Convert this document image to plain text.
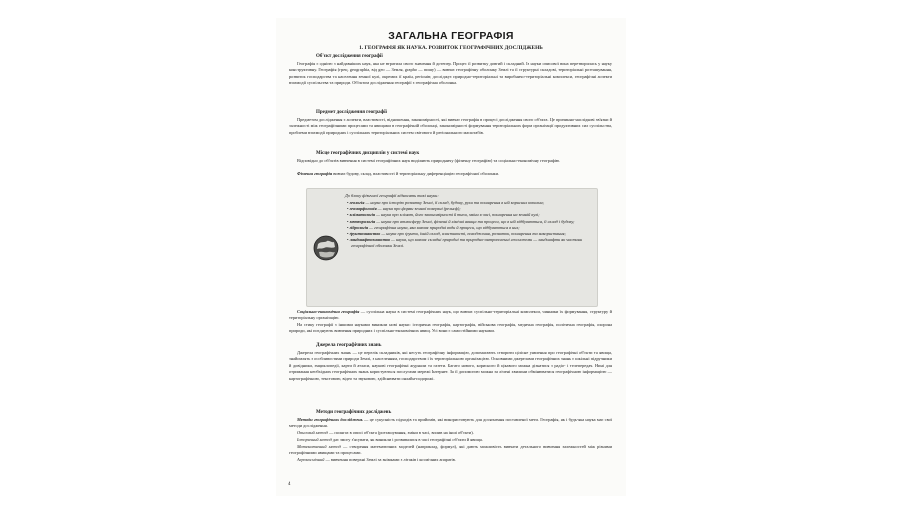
ЗАГАЛЬНА ГЕОГРАФІЯ
1. ГЕОГРАФІЯ ЯК НАУКА. РОЗВИТОК ГЕОГРАФІЧНИХ ДОСЛІДЖЕНЬ
Об'єкт дослідження географії
Географія є однією з найдавніших наук, яка не втратила свого значення й дотепер. Процес її розвитку довгий і складний. Із науки описової вона перетворилась у науку конструктивну. Географія (грец. geographia, від geo — Земля, grapho — пишу) — вивчає географічну оболонку Землі та її структурні складові, територіальні розташування, розвиток господарства та населення земної кулі, окремих її країн, регіонів; досліджує природно-територіальні та виробничо-територіальні комплекси, географічні аспекти взаємодії суспільства та природи. Об'єктом дослідження географії є географічна оболонка.
Предмет дослідження географії
Предметом дослідження є аспекти, властивості, відношення, закономірності, які вивчає географія в процесі дослідження свого об'єкта. Це причинно-наслідкові зв'язки й залежності між географічними процесами та явищами в географічній оболонці, закономірності формування територіальних форм організації продуктивних сил суспільства, проблеми взаємодії природних і суспільних територіальних систем світового й регіонального масштабів.
Місце географічних дисциплін у системі наук
Відповідно до об'єктів вивчення в системі географічних наук виділяють природничу (фізичну географію) та соціально-економічну географію.
Фізична географія вивчає будову, склад, властивості й територіальну диференціацію географічної оболонки.
До блоку фізичної географії відносять такі науки:
• геологія — наука про історію розвитку Землі, її склад, будову, рухи та поширення в ній корисних копалин;
• геоморфологія — наука про форми земної поверхні (рельєф);
• кліматологія — наука про клімат, його закономірності й типи, зміни в часі, поширення на земній кулі;
• метеорологія — наука про атмосферу Землі, фізичні й хімічні явища та процеси, що в ній відбуваються, її склад і будову;
• гідрологія — географічна наука, яка вивчає природні води й процеси, що відбуваються в них;
• ґрунтознавство — наука про ґрунти, їхній склад, властивості, походження, розвиток, поширення та використання;
• ландшафтознавство — наука, що вивчає складні природні та природно-антропогенні геосистеми — ландшафти як частини географічної оболонки Землі.
Соціально-економічна географія — суспільна наука в системі географічних наук, що вивчає суспільно-територіальні комплекси, чинники їх формування, структуру й територіальну організацію.
На стику географії з іншими науками виникли нові науки: історична географія, картографія, військова географія, медична географія, політична географія, охорона природи, які поєднують вивчення природних і суспільно-економічних явищ. Усі вони є самостійними науками.
Джерела географічних знань
Джерела географічних знань — це перелік складників, які несуть географічну інформацію, допомагають створити цілісне уявлення про географічні об'єкти та явища, знайомлять з особливостями природи Землі, з населенням, господарством і їх територіальною організацією. Основними джерелами географічних знань є шкільні підручники й довідники, енциклопедії, карти й атласи, наукові географічні журнали та газети. Багато нового, корисного й цікавого можна дізнатися з радіо- і телепередач. Нині для отримання необхідних географічних знань користуються послугами мережі Інтернет. За її допомогою можна за лічені хвилини обмінюватися географічною інформацією — картографічною, текстовою, відео та звуковою, здійснювати онлайн-подорожі.
Методи географічних досліджень
Методи географічних досліджень — це сукупність підходів та прийомів, які використовують для досягнення поставленої мети. Географія, як і будь-яка наука має свої методи дослідження.
Описовий метод — полягає в описі об'єкта (розташування, зміни в часі, вплив на інші об'єкти).
Історичний метод дає змогу з'ясувати, як виникли і розвивалися в часі географічні об'єкти й явища.
Математичний метод — створення математичних моделей (наприклад, формул), які дають можливість вивчати детального вивчення залежностей між різними географічними явищами та процесами.
Аерокосмічний — вивчення поверхні Землі за знімками з літаків і космічних апаратів.
4
